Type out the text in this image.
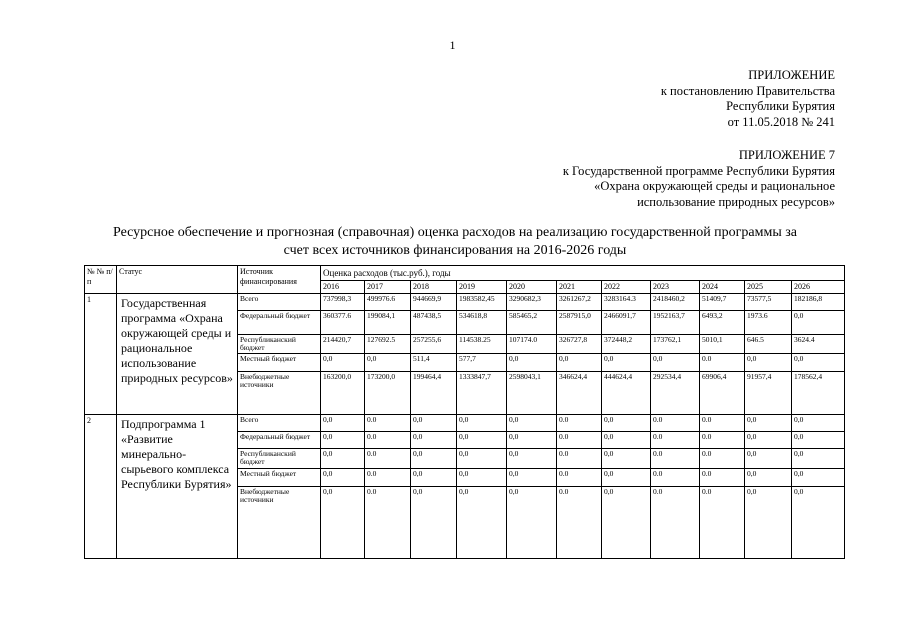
1
ПРИЛОЖЕНИЕ
к постановлению Правительства
Республики Бурятия
от 11.05.2018 № 241
ПРИЛОЖЕНИЕ 7
к Государственной программе Республики Бурятия
«Охрана окружающей среды и рациональное
использование природных ресурсов»
Ресурсное обеспечение и прогнозная (справочная) оценка расходов на реализацию государственной программы за
счет всех источников финансирования на 2016-2026 годы
№ № п/п	Статус	Источник финансирования	Оценка расходов (тыс.руб.), годы										
			2016	2017	2018	2019	2020	2021	2022	2023	2024	2025	2026
1	Государственная программа «Охрана окружающей среды и рациональное использование природных ресурсов»	Всего	737998,3	499976.6	944669,9	1983582,45	3290682,3	3261267,2	3283164.3	2418460,2	51409,7	73577,5	182186,8
		Федеральный бюджет	360377.6	199084,1	487438,5	534618,8	585465,2	2587915,0	2466091,7	1952163,7	6493,2	1973.6	0,0
		Республиканский бюджет	214420,7	127692.5	257255,6	114538.25	107174.0	326727,8	372448,2	173762,1	5010,1	646.5	3624.4
		Местный бюджет	0,0	0,0	511,4	577,7	0,0	0,0	0,0	0,0	0.0	0,0	0,0
		Внебюджетные источники	163200,0	173200,0	199464,4	1333847,7	2598043,1	346624,4	444624,4	292534,4	69906,4	91957,4	178562,4
2	Подпрограмма 1 «Развитие минерально-сырьевого комплекса Республики Бурятия»	Всего	0,0	0.0	0,0	0,0	0,0	0.0	0,0	0.0	0.0	0,0	0,0
		Федеральный бюджет	0,0	0.0	0,0	0,0	0,0	0.0	0,0	0.0	0.0	0,0	0,0
		Республиканский бюджет	0,0	0.0	0,0	0,0	0,0	0.0	0,0	0.0	0.0	0,0	0,0
		Местный бюджет	0,0	0.0	0,0	0,0	0,0	0.0	0,0	0.0	0.0	0,0	0,0
		Внебюджетные источники	0,0	0.0	0,0	0,0	0,0	0.0	0,0	0.0	0.0	0,0	0,0
